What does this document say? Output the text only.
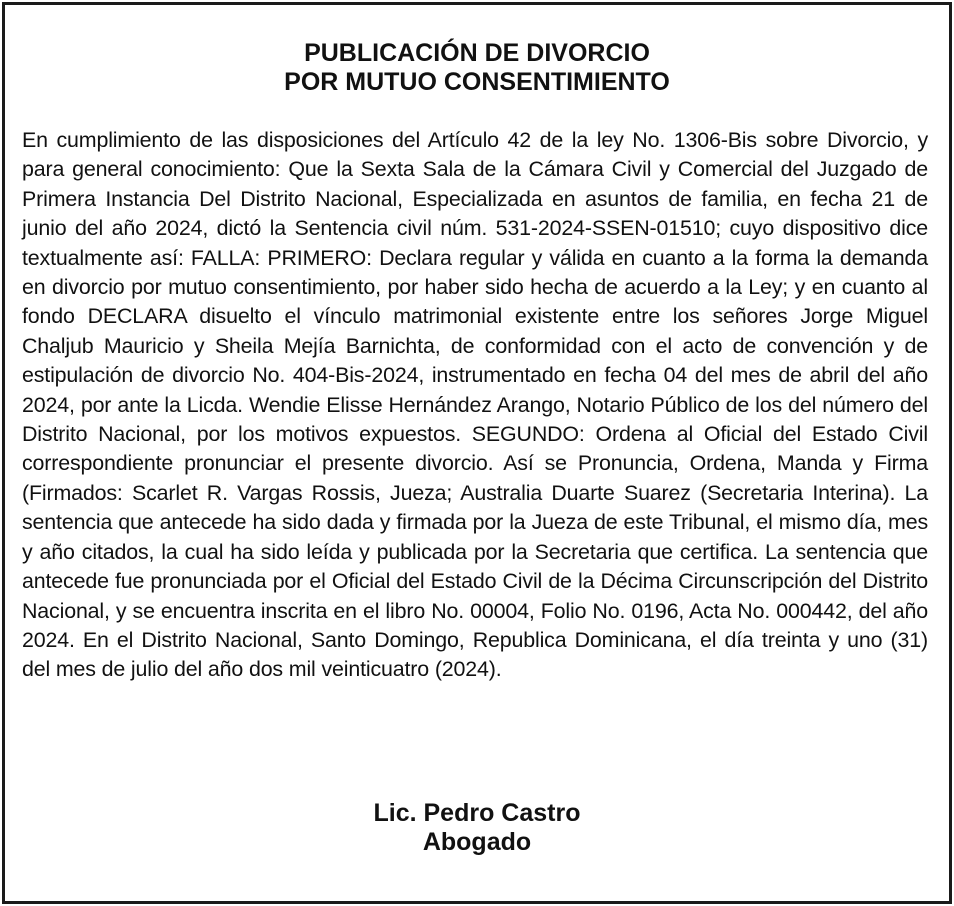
PUBLICACIÓN DE DIVORCIO
POR MUTUO CONSENTIMIENTO

En cumplimiento de las disposiciones del Artículo 42 de la ley No. 1306-Bis sobre Divorcio, y para general conocimiento: Que la Sexta Sala de la Cámara Civil y Comercial del Juzgado de Primera Instancia Del Distrito Nacional, Especializada en asuntos de familia, en fecha 21 de junio del año 2024, dictó la Sentencia civil núm. 531-2024-SSEN-01510; cuyo dispositivo dice textualmente así: FALLA: PRIMERO: Declara regular y válida en cuanto a la forma la demanda en divorcio por mutuo consentimiento, por haber sido hecha de acuerdo a la Ley; y en cuanto al fondo DECLARA disuelto el vínculo matrimonial existente entre los señores Jorge Miguel Chaljub Mauricio y Sheila Mejía Barnichta, de conformidad con el acto de convención y de estipulación de divorcio No. 404-Bis-2024, instrumentado en fecha 04 del mes de abril del año 2024, por ante la Licda. Wendie Elisse Hernández Arango, Notario Público de los del número del Distrito Nacional, por los motivos expuestos. SEGUNDO: Ordena al Oficial del Estado Civil correspondiente pronunciar el presente divorcio. Así se Pronuncia, Ordena, Manda y Firma (Firmados: Scarlet R. Vargas Rossis, Jueza; Australia Duarte Suarez (Secretaria Interina). La sentencia que antecede ha sido dada y firmada por la Jueza de este Tribunal, el mismo día, mes y año citados, la cual ha sido leída y publicada por la Secretaria que certifica. La sentencia que antecede fue pronunciada por el Oficial del Estado Civil de la Décima Circunscripción del Distrito Nacional, y se encuentra inscrita en el libro No. 00004, Folio No. 0196, Acta No. 000442, del año 2024. En el Distrito Nacional, Santo Domingo, Republica Dominicana, el día treinta y uno (31) del mes de julio del año dos mil veinticuatro (2024).

Lic. Pedro Castro
Abogado
